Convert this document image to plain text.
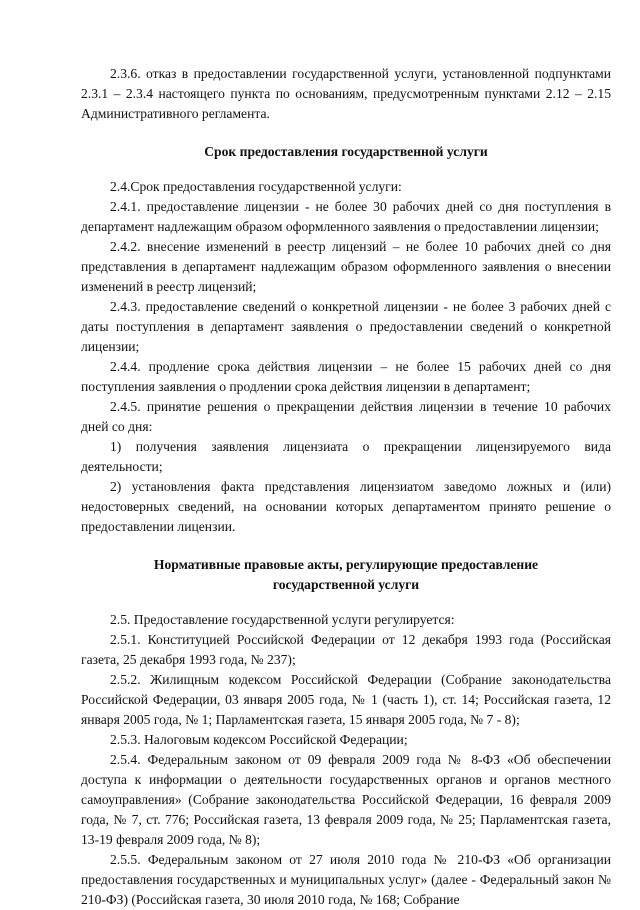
2.3.6. отказ в предоставлении государственной услуги, установленной подпунктами 2.3.1 – 2.3.4 настоящего пункта по основаниям, предусмотренным пунктами 2.12 – 2.15 Административного регламента.

Срок предоставления государственной услуги

2.4.Срок предоставления государственной услуги:

2.4.1. предоставление лицензии - не более 30 рабочих дней со дня поступления в департамент надлежащим образом оформленного заявления о предоставлении лицензии;

2.4.2. внесение изменений в реестр лицензий – не более 10 рабочих дней со дня представления в департамент надлежащим образом оформленного заявления о внесении изменений в реестр лицензий;

2.4.3. предоставление сведений о конкретной лицензии - не более 3 рабочих дней с даты поступления в департамент заявления о предоставлении сведений о конкретной лицензии;

2.4.4. продление срока действия лицензии – не более 15 рабочих дней со дня поступления заявления о продлении срока действия лицензии в департамент;

2.4.5. принятие решения о прекращении действия лицензии в течение 10 рабочих дней со дня:

1) получения заявления лицензиата о прекращении лицензируемого вида деятельности;

2) установления факта представления лицензиатом заведомо ложных и (или) недостоверных сведений, на основании которых департаментом принято решение о предоставлении лицензии.

Нормативные правовые акты, регулирующие предоставление
государственной услуги

2.5. Предоставление государственной услуги регулируется:

2.5.1. Конституцией Российской Федерации от 12 декабря 1993 года (Российская газета, 25 декабря 1993 года, № 237);

2.5.2. Жилищным кодексом Российской Федерации (Собрание законодательства Российской Федерации, 03 января 2005 года, № 1 (часть 1), ст. 14; Российская газета, 12 января 2005 года, № 1; Парламентская газета, 15 января 2005 года, № 7 - 8);

2.5.3. Налоговым кодексом Российской Федерации;

2.5.4. Федеральным законом от 09 февраля 2009 года № 8-ФЗ «Об обеспечении доступа к информации о деятельности государственных органов и органов местного самоуправления» (Собрание законодательства Российской Федерации, 16 февраля 2009 года, № 7, ст. 776; Российская газета, 13 февраля 2009 года, № 25; Парламентская газета, 13-19 февраля 2009 года, № 8);

2.5.5. Федеральным законом от 27 июля 2010 года № 210-ФЗ «Об организации предоставления государственных и муниципальных услуг» (далее - Федеральный закон № 210-ФЗ) (Российская газета, 30 июля 2010 года, № 168; Собрание
